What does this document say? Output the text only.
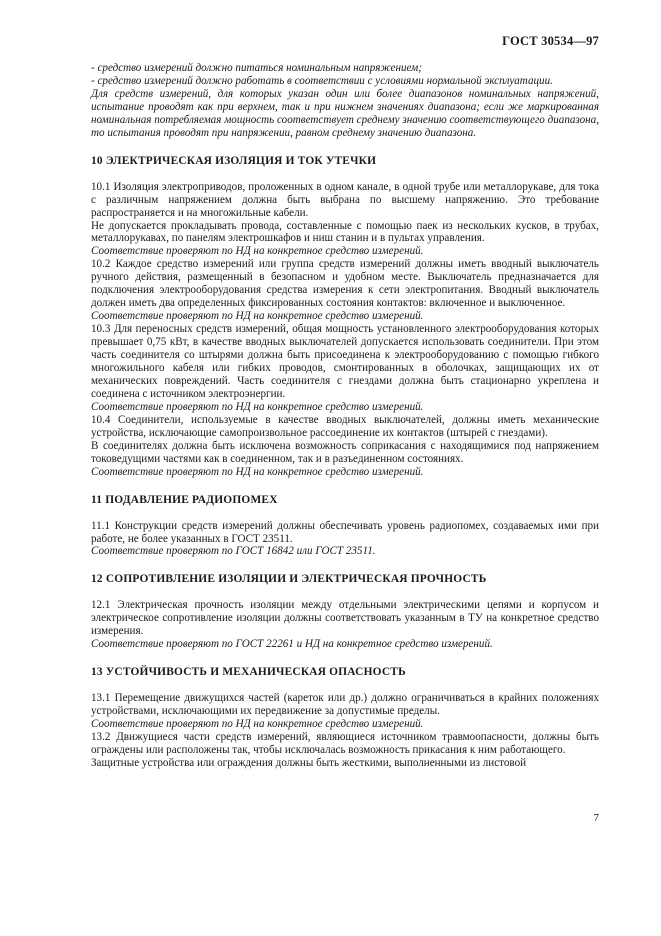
ГОСТ 30534—97

- средство измерений должно питаться номинальным напряжением;

- средство измерений должно работать в соответствии с условиями нормальной эксплуатации.

Для средств измерений, для которых указан один или более диапазонов номинальных напряжений, испытание проводят как при верхнем, так и при нижнем значениях диапазона; если же маркированная номинальная потребляемая мощность соответствует среднему значению соответствующего диапазона, то испытания проводят при напряжении, равном среднему значению диапазона.

10 ЭЛЕКТРИЧЕСКАЯ ИЗОЛЯЦИЯ И ТОК УТЕЧКИ

10.1 Изоляция электроприводов, проложенных в одном канале, в одной трубе или металлорукаве, для тока с различным напряжением должна быть выбрана по высшему напряжению. Это требование распространяется и на многожильные кабели.

Не допускается прокладывать провода, составленные с помощью паек из нескольких кусков, в трубах, металлорукавах, по панелям электрошкафов и ниш станин и в пультах управления.

Соответствие проверяют по НД на конкретное средство измерений.

10.2 Каждое средство измерений или группа средств измерений должны иметь вводный выключатель ручного действия, размещенный в безопасном и удобном месте. Выключатель предназначается для подключения электрооборудования средства измерения к сети электропитания. Вводный выключатель должен иметь два определенных фиксированных состояния контактов: включенное и выключенное.

Соответствие проверяют по НД на конкретное средство измерений.

10.3 Для переносных средств измерений, общая мощность установленного электрооборудования которых превышает 0,75 кВт, в качестве вводных выключателей допускается использовать соединители. При этом часть соединителя со штырями должна быть присоединена к электрооборудованию с помощью гибкого многожильного кабеля или гибких проводов, смонтированных в оболочках, защищающих их от механических повреждений. Часть соединителя с гнездами должна быть стационарно укреплена и соединена с источником электроэнергии.

Соответствие проверяют по НД на конкретное средство измерений.

10.4 Соединители, используемые в качестве вводных выключателей, должны иметь механические устройства, исключающие самопроизвольное рассоединение их контактов (штырей с гнездами).

В соединителях должна быть исключена возможность соприкасания с находящимися под напряжением токоведущими частями как в соединенном, так и в разъединенном состояниях.

Соответствие проверяют по НД на конкретное средство измерений.

11 ПОДАВЛЕНИЕ РАДИОПОМЕХ

11.1 Конструкции средств измерений должны обеспечивать уровень радиопомех, создаваемых ими при работе, не более указанных в ГОСТ 23511.

Соответствие проверяют по ГОСТ 16842 или ГОСТ 23511.

12 СОПРОТИВЛЕНИЕ ИЗОЛЯЦИИ И ЭЛЕКТРИЧЕСКАЯ ПРОЧНОСТЬ

12.1 Электрическая прочность изоляции между отдельными электрическими цепями и корпусом и электрическое сопротивление изоляции должны соответствовать указанным в ТУ на конкретное средство измерения.

Соответствие проверяют по ГОСТ 22261 и НД на конкретное средство измерений.

13 УСТОЙЧИВОСТЬ И МЕХАНИЧЕСКАЯ ОПАСНОСТЬ

13.1 Перемещение движущихся частей (кареток или др.) должно ограничиваться в крайних положениях устройствами, исключающими их передвижение за допустимые пределы.

Соответствие проверяют по НД на конкретное средство измерений.

13.2 Движущиеся части средств измерений, являющиеся источником травмоопасности, должны быть ограждены или расположены так, чтобы исключалась возможность прикасания к ним работающего.

Защитные устройства или ограждения должны быть жесткими, выполненными из листовой

7
